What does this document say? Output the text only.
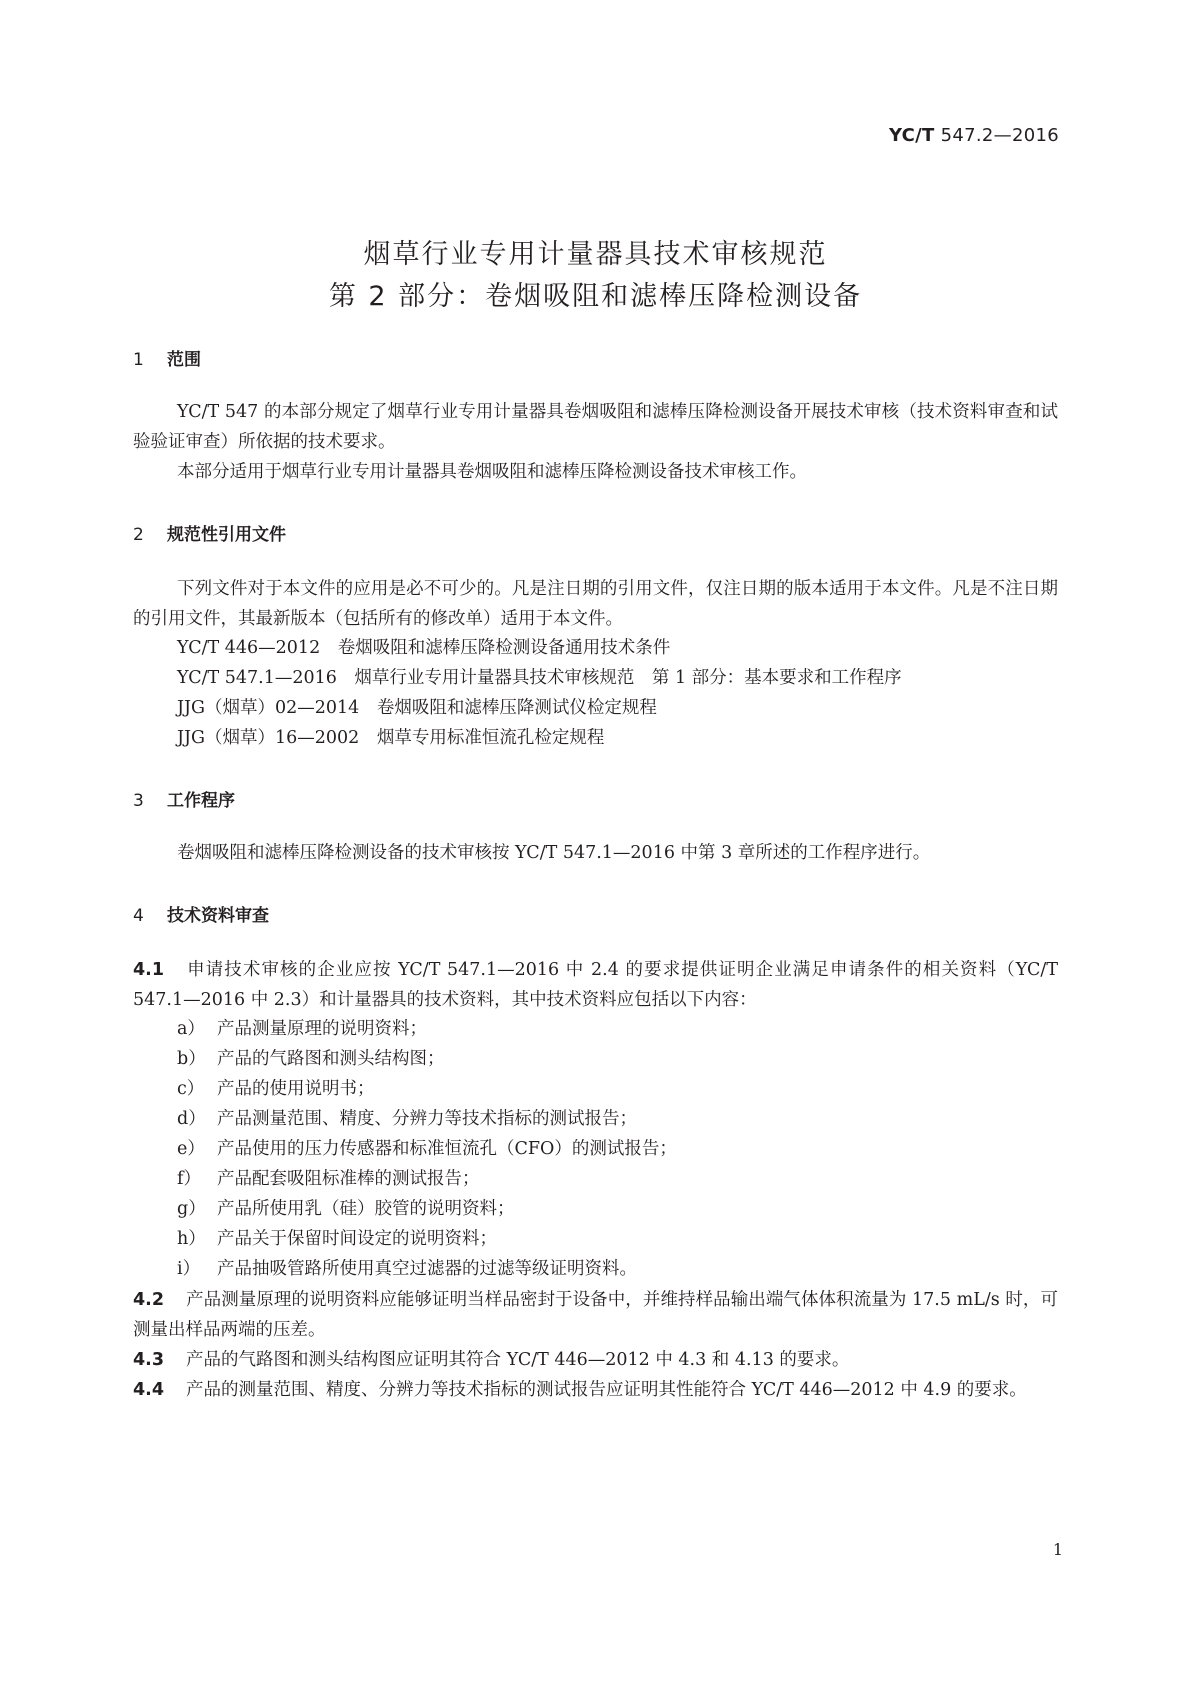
YC/T 547.2—2016
烟草行业专用计量器具技术审核规范
第 2 部分：卷烟吸阻和滤棒压降检测设备
1 范围
YC/T 547 的本部分规定了烟草行业专用计量器具卷烟吸阻和滤棒压降检测设备开展技术审核（技术资料审查和试验验证审查）所依据的技术要求。
本部分适用于烟草行业专用计量器具卷烟吸阻和滤棒压降检测设备技术审核工作。
2 规范性引用文件
下列文件对于本文件的应用是必不可少的。凡是注日期的引用文件，仅注日期的版本适用于本文件。凡是不注日期的引用文件，其最新版本（包括所有的修改单）适用于本文件。
YC/T 446—2012　卷烟吸阻和滤棒压降检测设备通用技术条件
YC/T 547.1—2016　烟草行业专用计量器具技术审核规范　第 1 部分：基本要求和工作程序
JJG（烟草）02—2014　卷烟吸阻和滤棒压降测试仪检定规程
JJG（烟草）16—2002　烟草专用标准恒流孔检定规程
3 工作程序
卷烟吸阻和滤棒压降检测设备的技术审核按 YC/T 547.1—2016 中第 3 章所述的工作程序进行。
4 技术资料审查
4.1 申请技术审核的企业应按 YC/T 547.1—2016 中 2.4 的要求提供证明企业满足申请条件的相关资料（YC/T 547.1—2016 中 2.3）和计量器具的技术资料，其中技术资料应包括以下内容：
a） 产品测量原理的说明资料；
b） 产品的气路图和测头结构图；
c） 产品的使用说明书；
d） 产品测量范围、精度、分辨力等技术指标的测试报告；
e） 产品使用的压力传感器和标准恒流孔（CFO）的测试报告；
f） 产品配套吸阻标准棒的测试报告；
g） 产品所使用乳（硅）胶管的说明资料；
h） 产品关于保留时间设定的说明资料；
i） 产品抽吸管路所使用真空过滤器的过滤等级证明资料。
4.2 产品测量原理的说明资料应能够证明当样品密封于设备中，并维持样品输出端气体体积流量为 17.5 mL/s 时，可测量出样品两端的压差。
4.3 产品的气路图和测头结构图应证明其符合 YC/T 446—2012 中 4.3 和 4.13 的要求。
4.4 产品的测量范围、精度、分辨力等技术指标的测试报告应证明其性能符合 YC/T 446—2012 中 4.9 的要求。
1
